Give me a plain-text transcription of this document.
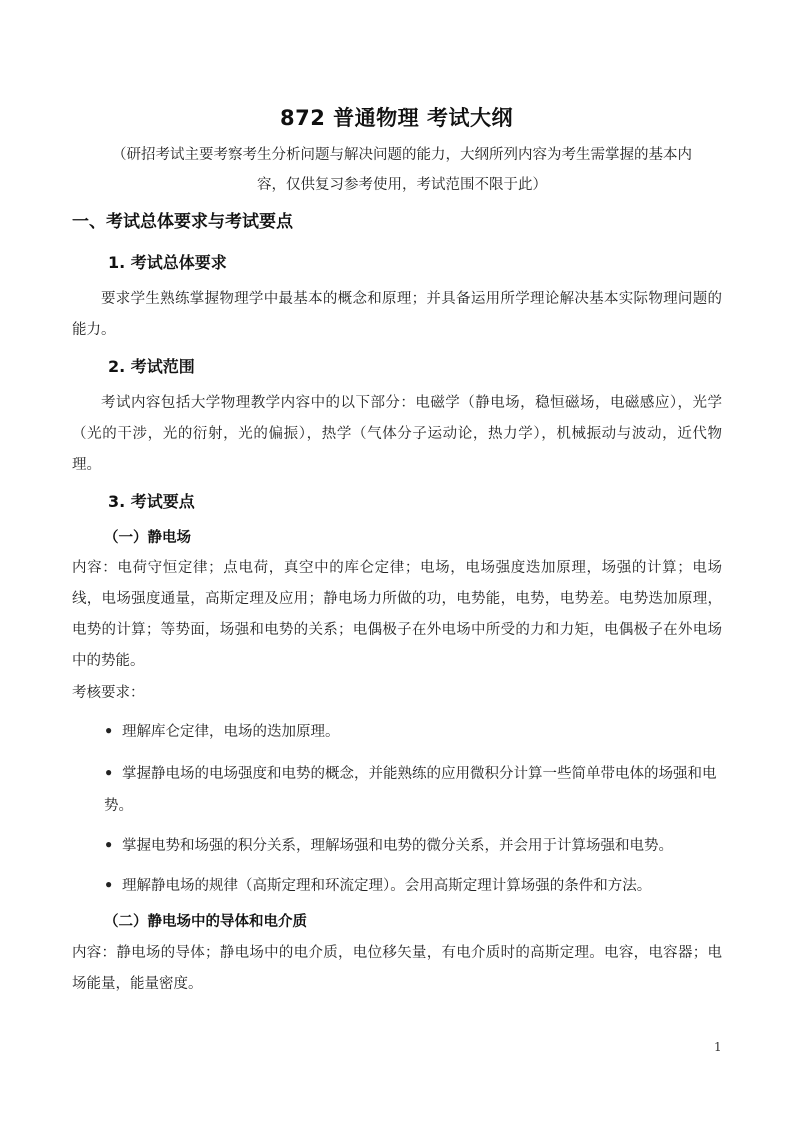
872 普通物理 考试大纲
（研招考试主要考察考生分析问题与解决问题的能力，大纲所列内容为考生需掌握的基本内
容，仅供复习参考使用，考试范围不限于此）
一、考试总体要求与考试要点
1. 考试总体要求
要求学生熟练掌握物理学中最基本的概念和原理；并具备运用所学理论解决基本实际物理问题的能力。
2. 考试范围
考试内容包括大学物理教学内容中的以下部分：电磁学（静电场，稳恒磁场，电磁感应），光学（光的干涉，光的衍射，光的偏振），热学（气体分子运动论，热力学），机械振动与波动，近代物理。
3. 考试要点
（一）静电场
内容：电荷守恒定律；点电荷，真空中的库仑定律；电场，电场强度迭加原理，场强的计算；电场线，电场强度通量，高斯定理及应用；静电场力所做的功，电势能，电势，电势差。电势迭加原理，电势的计算；等势面，场强和电势的关系；电偶极子在外电场中所受的力和力矩，电偶极子在外电场中的势能。
考核要求：
• 理解库仑定律，电场的迭加原理。
• 掌握静电场的电场强度和电势的概念，并能熟练的应用微积分计算一些简单带电体的场强和电势。
• 掌握电势和场强的积分关系，理解场强和电势的微分关系，并会用于计算场强和电势。
• 理解静电场的规律（高斯定理和环流定理）。会用高斯定理计算场强的条件和方法。
（二）静电场中的导体和电介质
内容：静电场的导体；静电场中的电介质，电位移矢量，有电介质时的高斯定理。电容，电容器；电场能量，能量密度。
1
